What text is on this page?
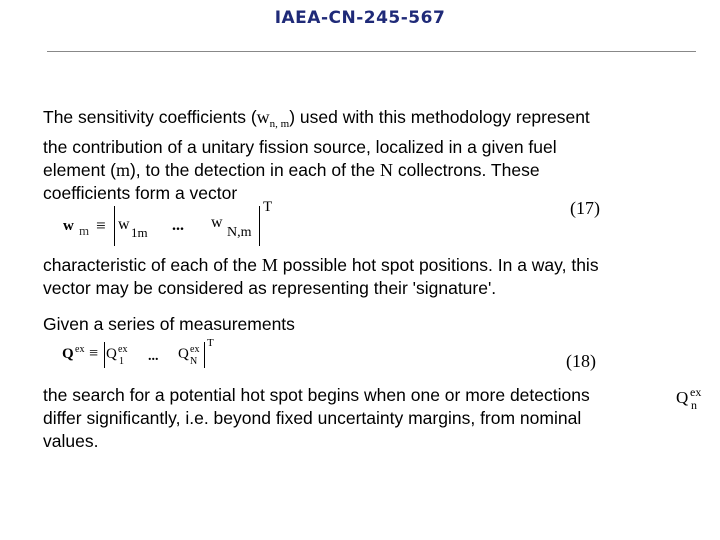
IAEA-CN-245-567
The sensitivity coefficients $(w_{n, m})$ used with this methodology represent
the contribution of a unitary fission source, localized in a given fuel
element (m), to the detection in each of the N collectrons. These
coefficients form a vector
w m ≡ w 1m ... w
N,m
T	(17)
characteristic of each of the M possible hot spot positions. In a way, this
vector may be considered as representing their 'signature'.
Given a series of measurements
Q ex ≡ Q ex
1 ... Q ex
N
T
(18)
the search for a potential hot spot begins when one or more detections
differ significantly, i.e. beyond fixed uncertainty margins, from nominal
values.
Q ex
n
